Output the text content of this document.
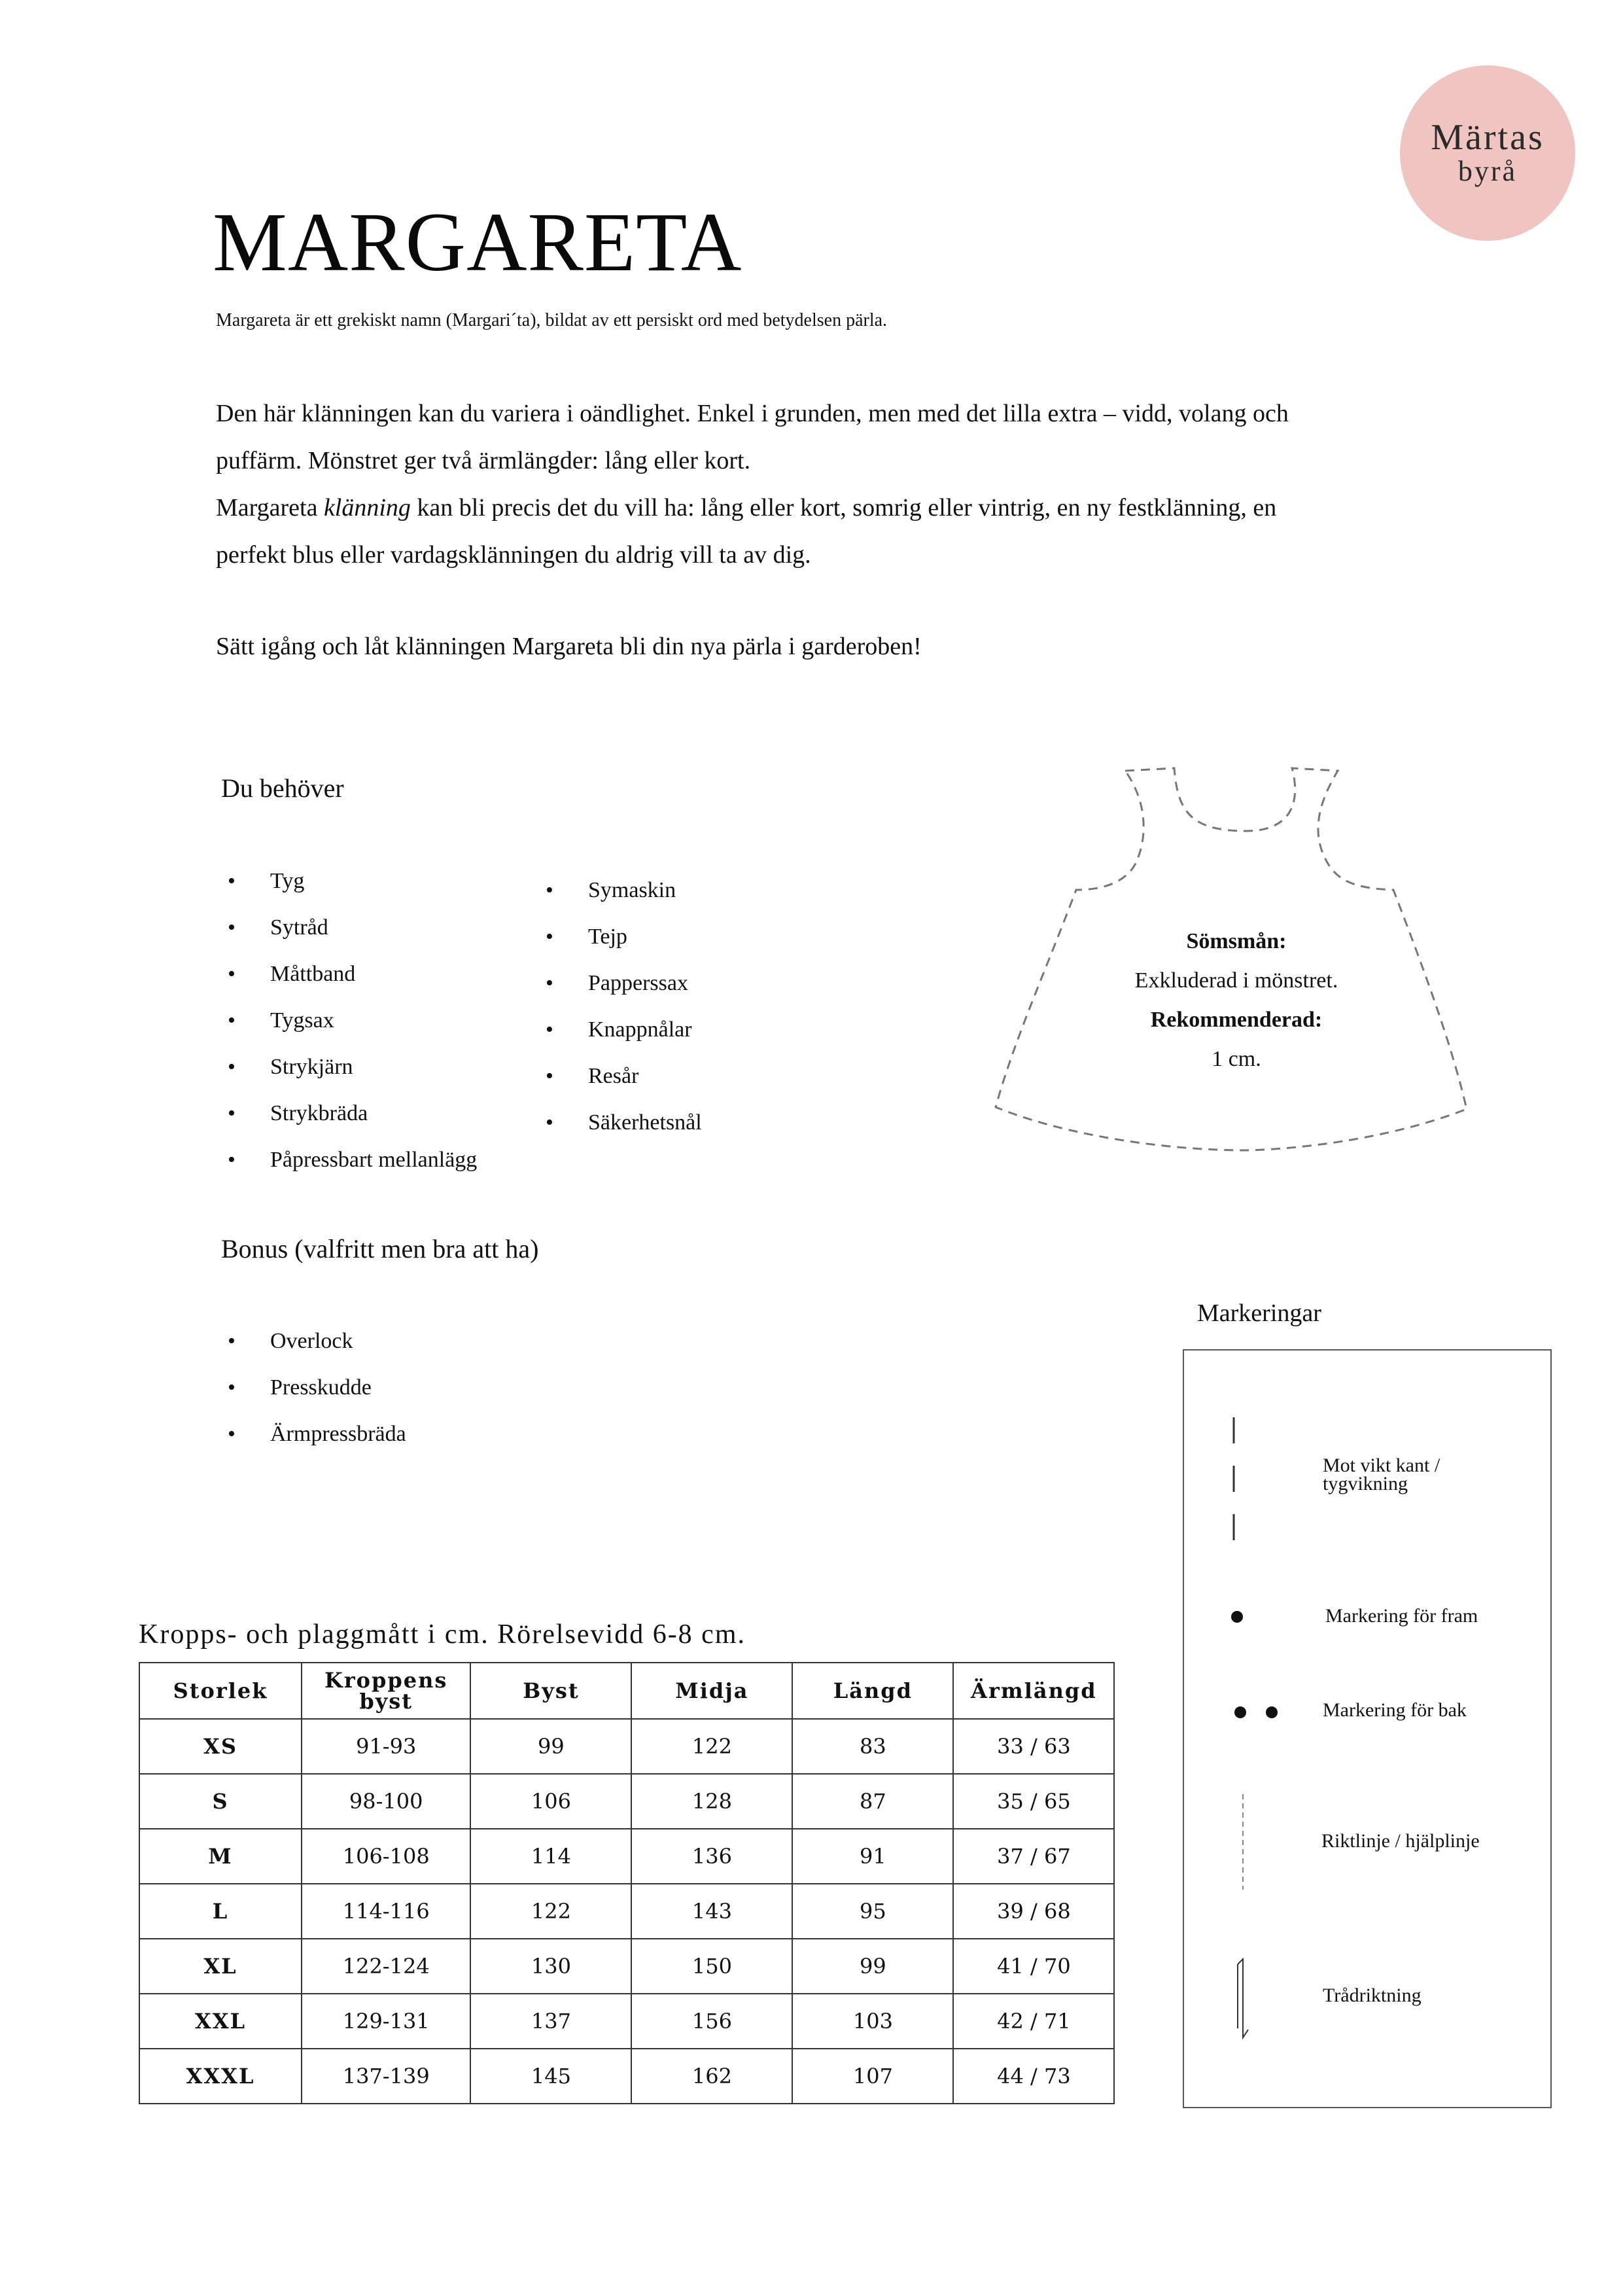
Märtas
byrå
MARGARETA
Margareta är ett grekiskt namn (Margari´ta), bildat av ett persiskt ord med betydelsen pärla.

Den här klänningen kan du variera i oändlighet. Enkel i grunden, men med det lilla extra – vidd, volang och

puffärm. Mönstret ger två ärmlängder: lång eller kort.

Margareta klänning kan bli precis det du vill ha: lång eller kort, somrig eller vintrig, en ny festklänning, en

perfekt blus eller vardagsklänningen du aldrig vill ta av dig.

Sätt igång och låt klänningen Margareta bli din nya pärla i garderoben!

Du behöver
• Tyg
• Sytråd
• Måttband
• Tygsax
• Strykjärn
• Strykbräda
• Påpressbart mellanlägg
• Symaskin
• Tejp
• Papperssax
• Knappnålar
• Resår
• Säkerhetsnål
Bonus (valfritt men bra att ha)
• Overlock
• Presskudde
• Ärmpressbräda
Sömsmån:
Exkluderad i mönstret.
Rekommenderad:
1 cm.
Kropps- och plaggmått i cm. Rörelsevidd 6-8 cm.
Storlek	Kroppens byst	Byst	Midja	Längd	Ärmlängd
XS	91-93	99	122	83	33 / 63
S	98-100	106	128	87	35 / 65
M	106-108	114	136	91	37 / 67
L	114-116	122	143	95	39 / 68
XL	122-124	130	150	99	41 / 70
XXL	129-131	137	156	103	42 / 71
XXXL	137-139	145	162	107	44 / 73
Markeringar
Mot vikt kant /
tygvikning
Markering för fram
Markering för bak
Riktlinje / hjälplinje
Trådriktning
